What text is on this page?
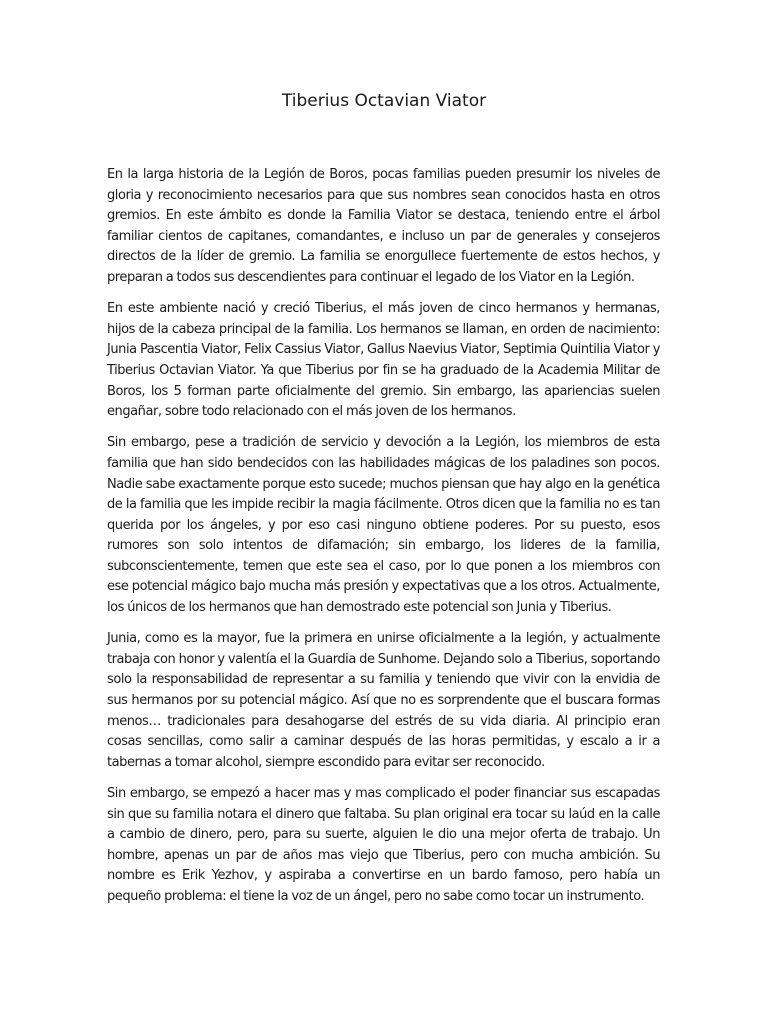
Tiberius Octavian Viator

En la larga historia de la Legión de Boros, pocas familias pueden presumir los niveles de gloria y reconocimiento necesarios para que sus nombres sean conocidos hasta en otros gremios. En este ámbito es donde la Familia Viator se destaca, teniendo entre el árbol familiar cientos de capitanes, comandantes, e incluso un par de generales y consejeros directos de la líder de gremio. La familia se enorgullece fuertemente de estos hechos, y preparan a todos sus descendientes para continuar el legado de los Viator en la Legión.

En este ambiente nació y creció Tiberius, el más joven de cinco hermanos y hermanas, hijos de la cabeza principal de la familia. Los hermanos se llaman, en orden de nacimiento: Junia Pascentia Viator, Felix Cassius Viator, Gallus Naevius Viator, Septimia Quintilia Viator y Tiberius Octavian Viator. Ya que Tiberius por fin se ha graduado de la Academia Militar de Boros, los 5 forman parte oficialmente del gremio. Sin embargo, las apariencias suelen engañar, sobre todo relacionado con el más joven de los hermanos.

Sin embargo, pese a tradición de servicio y devoción a la Legión, los miembros de esta familia que han sido bendecidos con las habilidades mágicas de los paladines son pocos. Nadie sabe exactamente porque esto sucede; muchos piensan que hay algo en la genética de la familia que les impide recibir la magia fácilmente. Otros dicen que la familia no es tan querida por los ángeles, y por eso casi ninguno obtiene poderes. Por su puesto, esos rumores son solo intentos de difamación; sin embargo, los lideres de la familia, subconscientemente, temen que este sea el caso, por lo que ponen a los miembros con ese potencial mágico bajo mucha más presión y expectativas que a los otros. Actualmente, los únicos de los hermanos que han demostrado este potencial son Junia y Tiberius.

Junia, como es la mayor, fue la primera en unirse oficialmente a la legión, y actualmente trabaja con honor y valentía el la Guardia de Sunhome. Dejando solo a Tiberius, soportando solo la responsabilidad de representar a su familia y teniendo que vivir con la envidia de sus hermanos por su potencial mágico. Así que no es sorprendente que el buscara formas menos… tradicionales para desahogarse del estrés de su vida diaria. Al principio eran cosas sencillas, como salir a caminar después de las horas permitidas, y escalo a ir a tabernas a tomar alcohol, siempre escondido para evitar ser reconocido.

Sin embargo, se empezó a hacer mas y mas complicado el poder financiar sus escapadas sin que su familia notara el dinero que faltaba. Su plan original era tocar su laúd en la calle a cambio de dinero, pero, para su suerte, alguien le dio una mejor oferta de trabajo. Un hombre, apenas un par de años mas viejo que Tiberius, pero con mucha ambición. Su nombre es Erik Yezhov, y aspiraba a convertirse en un bardo famoso, pero había un pequeño problema: el tiene la voz de un ángel, pero no sabe como tocar un instrumento.
